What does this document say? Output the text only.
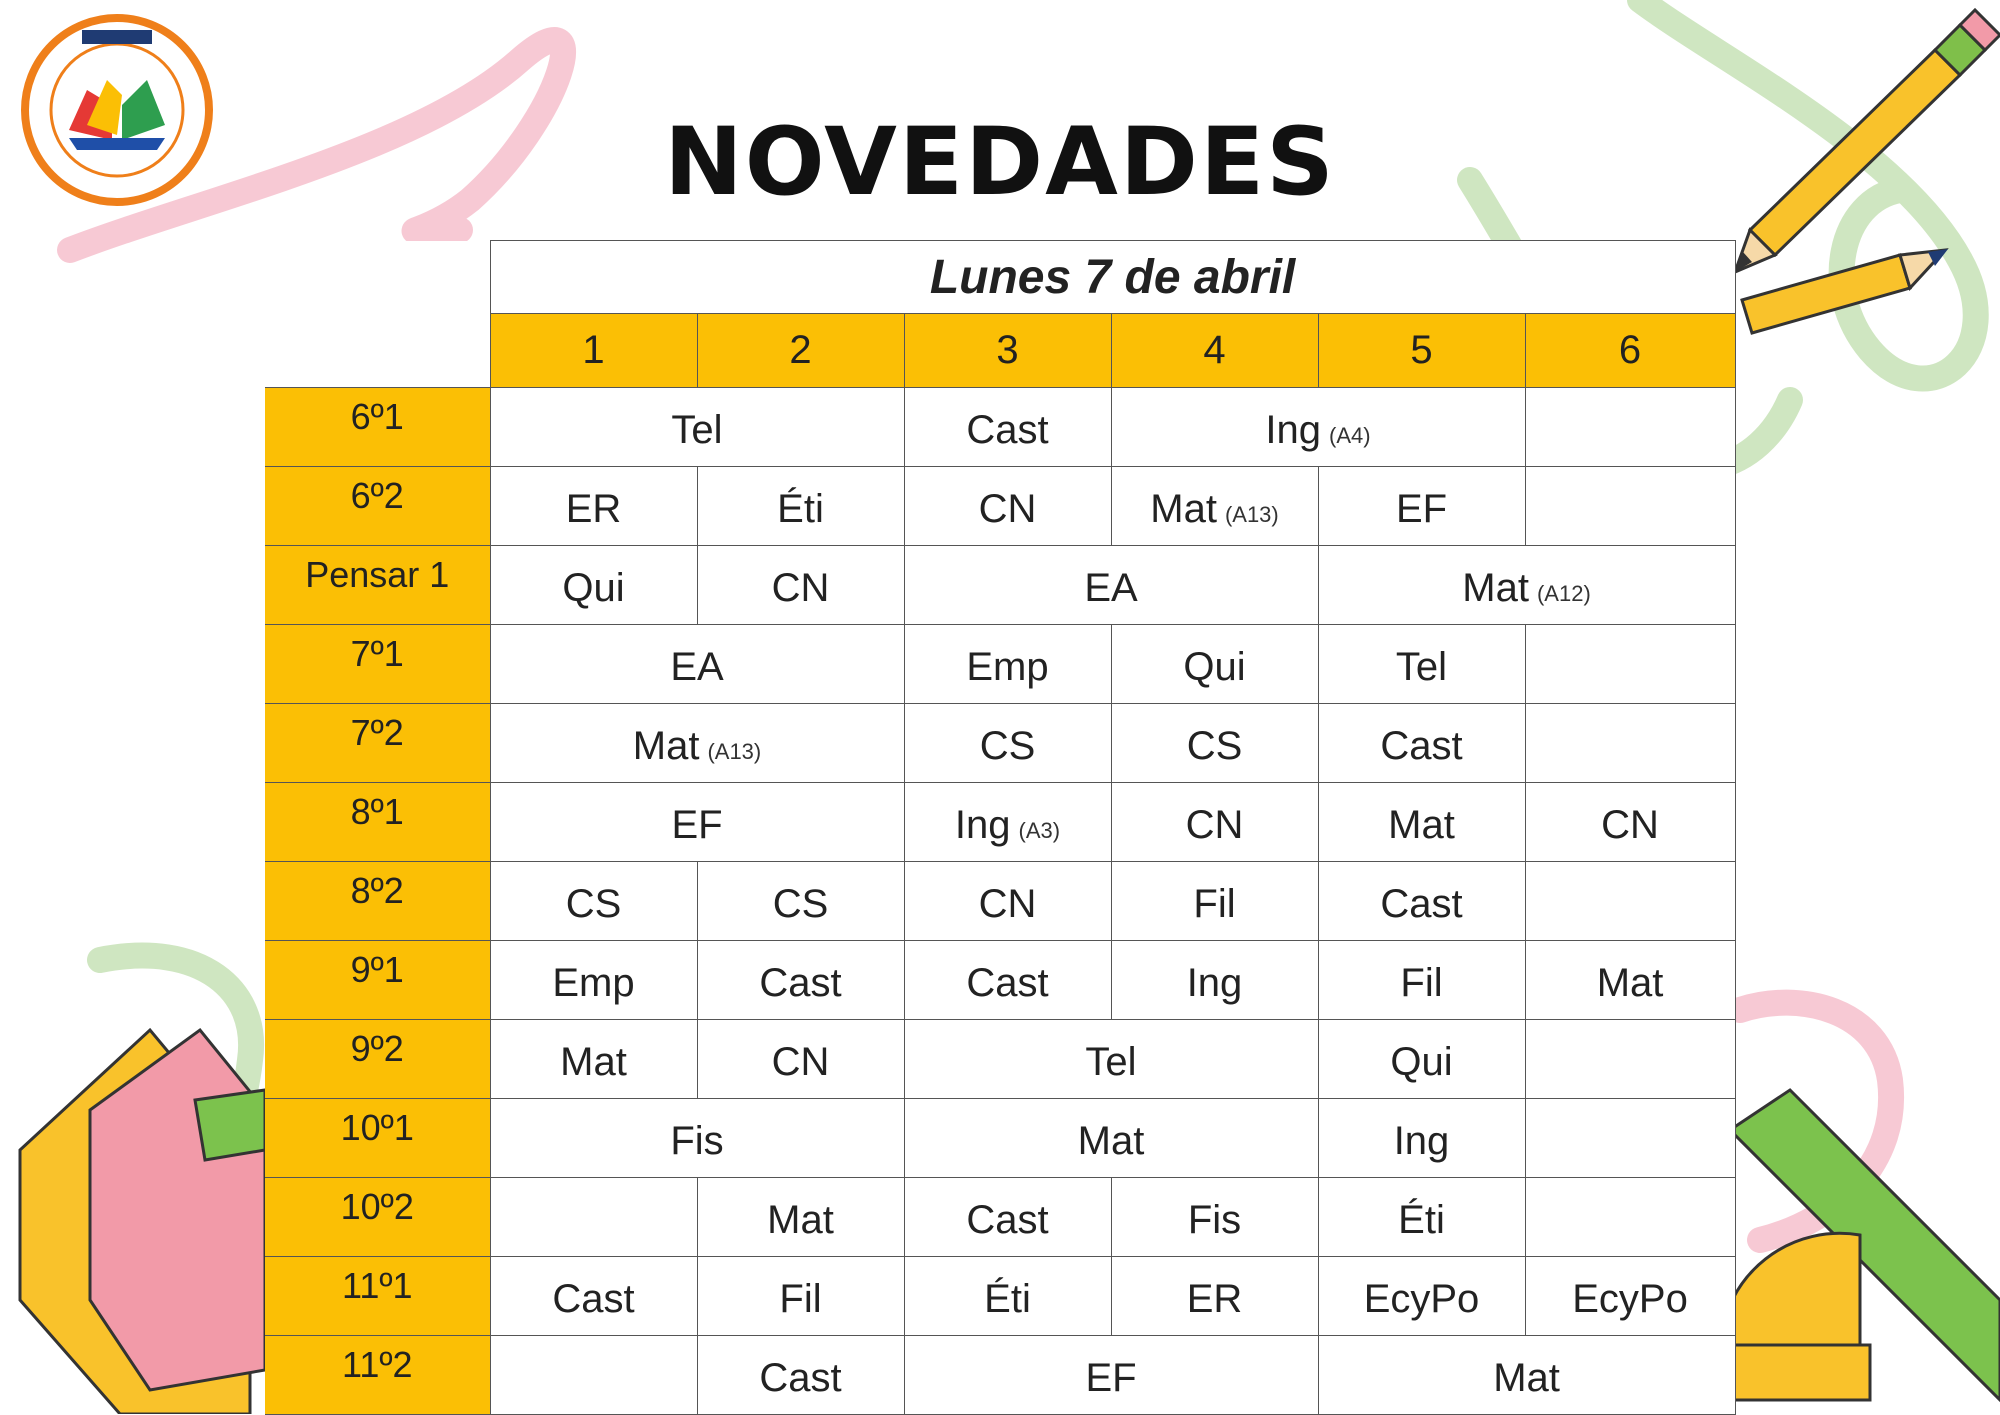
NOVEDADES
	Lunes 7 de abril					
	1	2	3	4	5	6
6º1	Tel		Cast	Ing (A4)		
6º2	ER	Éti	CN	Mat (A13)	EF	
Pensar 1	Qui	CN	EA		Mat (A12)	
7º1	EA		Emp	Qui	Tel	
7º2	Mat (A13)		CS	CS	Cast	
8º1	EF		Ing (A3)	CN	Mat	CN
8º2	CS	CS	CN	Fil	Cast	
9º1	Emp	Cast	Cast	Ing	Fil	Mat
9º2	Mat	CN	Tel		Qui	
10º1	Fis		Mat		Ing	
10º2		Mat	Cast	Fis	Éti	
11º1	Cast	Fil	Éti	ER	EcyPo	EcyPo
11º2		Cast	EF		Mat	
